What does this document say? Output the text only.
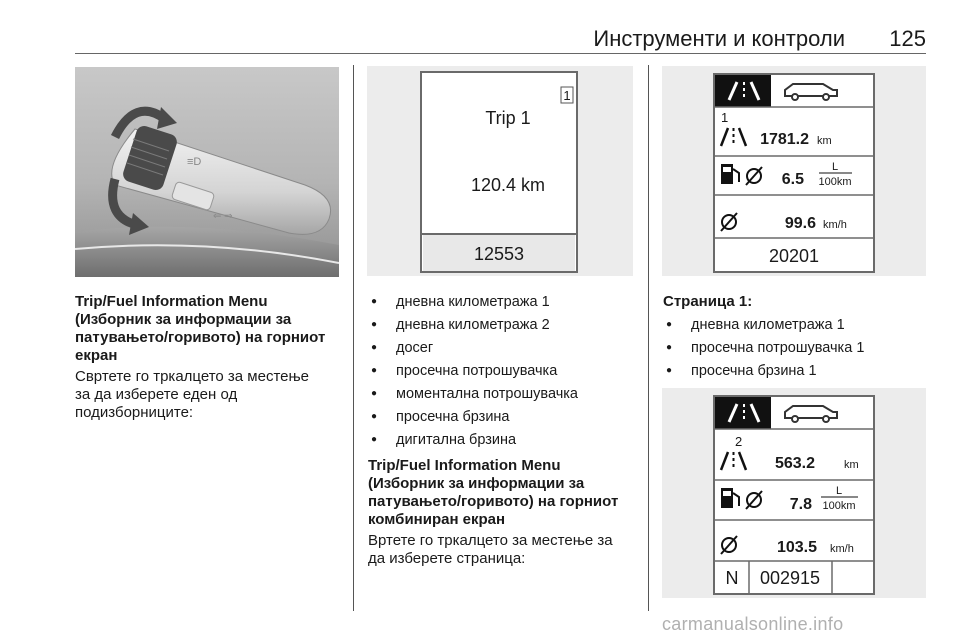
Инструменти и контроли	125
≡D
⇐ ⇒
Trip/Fuel Information Menu
(Изборник за информации за
патувањето/горивото) на горниот
екран
Свртете го тркалцето за местење
за да изберете еден од
подизборниците:
1
Trip 1
120.4 km
12553
● дневна километража 1
● дневна километража 2
● досег
● просечна потрошувачка
● моментална потрошувачка
● просечна брзина
● дигитална брзина
Trip/Fuel Information Menu
(Изборник за информации за
патувањето/горивото) на горниот
комбиниран екран
Вртете го тркалцето за местење за
да изберете страница:
1
1781.2 km
6.5
L
100km
99.6 km/h
20201
Страница 1:
● дневна километража 1
● просечна потрошувачка 1
● просечна брзина 1
2
563.2	km
7.8
L
100km
103.5 km/h
N 002915
carmanualsonline.info
